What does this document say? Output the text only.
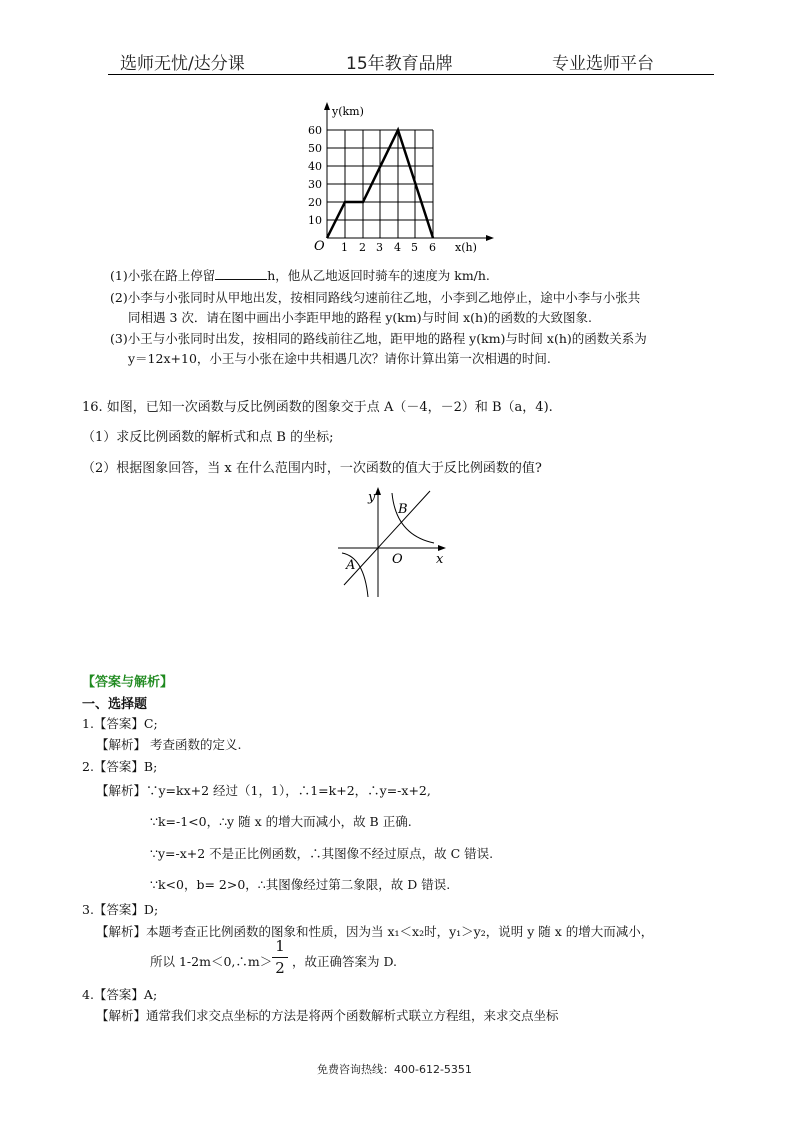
选师无忧/达分课	15年教育品牌	专业选师平台
y(km)
60
50
40
30
20
10
O 1 2 3 4 5 6 x(h)
(1)小张在路上停留	h，他从乙地返回时骑车的速度为 km/h.
(2)小李与小张同时从甲地出发，按相同路线匀速前往乙地，小李到乙地停止，途中小李与小张共
同相遇 3 次．请在图中画出小李距甲地的路程 y(km)与时间 x(h)的函数的大致图象.
(3)小王与小张同时出发，按相同的路线前往乙地，距甲地的路程 y(km)与时间 x(h)的函数关系为
y＝12x+10，小王与小张在途中共相遇几次？请你计算出第一次相遇的时间.
16. 如图，已知一次函数与反比例函数的图象交于点 A（－4，－2）和 B（a，4).
（1）求反比例函数的解析式和点 B 的坐标;
（2）根据图象回答，当 x 在什么范围内时，一次函数的值大于反比例函数的值?
y
x
O
A
B
【答案与解析】
一、选择题
1.【答案】C;
【解析】 考查函数的定义.
2.【答案】B;
【解析】∵y=kx+2 经过（1，1），∴1=k+2，∴y=-x+2,
∵k=-1<0，∴y 随 x 的增大而减小，故 B 正确.
∵y=-x+2 不是正比例函数，∴其图像不经过原点，故 C 错误.
∵k<0，b= 2>0，∴其图像经过第二象限，故 D 错误.
3.【答案】D;
【解析】本题考查正比例函数的图象和性质，因为当 x₁＜x₂时，y₁＞y₂，说明 y 随 x 的增大而减小，
所以 1-2m＜0,∴m＞
1
2 ，故正确答案为 D.
4.【答案】A;
【解析】通常我们求交点坐标的方法是将两个函数解析式联立方程组，来求交点坐标
免费咨询热线：400-612-5351
